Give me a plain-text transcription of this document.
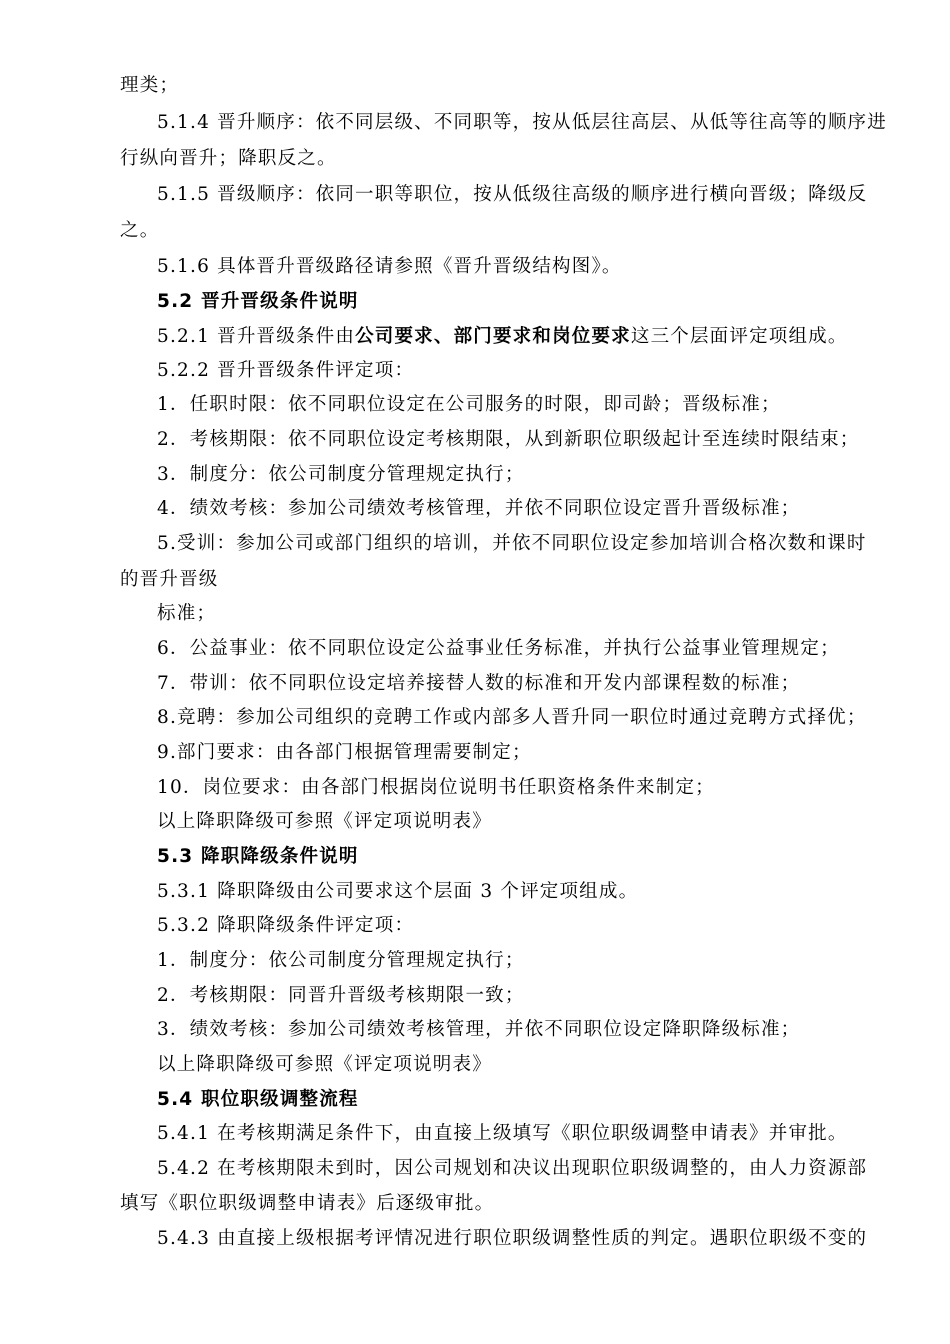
理类；
5.1.4 晋升顺序：依不同层级、不同职等，按从低层往高层、从低等往高等的顺序进
行纵向晋升；降职反之。
5.1.5 晋级顺序：依同一职等职位，按从低级往高级的顺序进行横向晋级；降级反
之。
5.1.6 具体晋升晋级路径请参照《晋升晋级结构图》。
5.2 晋升晋级条件说明
5.2.1 晋升晋级条件由公司要求、部门要求和岗位要求这三个层面评定项组成。
5.2.2 晋升晋级条件评定项：
1．任职时限：依不同职位设定在公司服务的时限，即司龄；晋级标准；
2．考核期限：依不同职位设定考核期限，从到新职位职级起计至连续时限结束；
3．制度分：依公司制度分管理规定执行；
4．绩效考核：参加公司绩效考核管理，并依不同职位设定晋升晋级标准；
5.受训：参加公司或部门组织的培训，并依不同职位设定参加培训合格次数和课时
的晋升晋级
标准；
6．公益事业：依不同职位设定公益事业任务标准，并执行公益事业管理规定；
7．带训：依不同职位设定培养接替人数的标准和开发内部课程数的标准；
8.竞聘：参加公司组织的竞聘工作或内部多人晋升同一职位时通过竞聘方式择优；
9.部门要求：由各部门根据管理需要制定；
10．岗位要求：由各部门根据岗位说明书任职资格条件来制定；
以上降职降级可参照《评定项说明表》
5.3 降职降级条件说明
5.3.1 降职降级由公司要求这个层面 3 个评定项组成。
5.3.2 降职降级条件评定项：
1．制度分：依公司制度分管理规定执行；
2．考核期限：同晋升晋级考核期限一致；
3．绩效考核：参加公司绩效考核管理，并依不同职位设定降职降级标准；
以上降职降级可参照《评定项说明表》
5.4 职位职级调整流程
5.4.1 在考核期满足条件下，由直接上级填写《职位职级调整申请表》并审批。
5.4.2 在考核期限未到时，因公司规划和决议出现职位职级调整的，由人力资源部
填写《职位职级调整申请表》后逐级审批。
5.4.3 由直接上级根据考评情况进行职位职级调整性质的判定。遇职位职级不变的
